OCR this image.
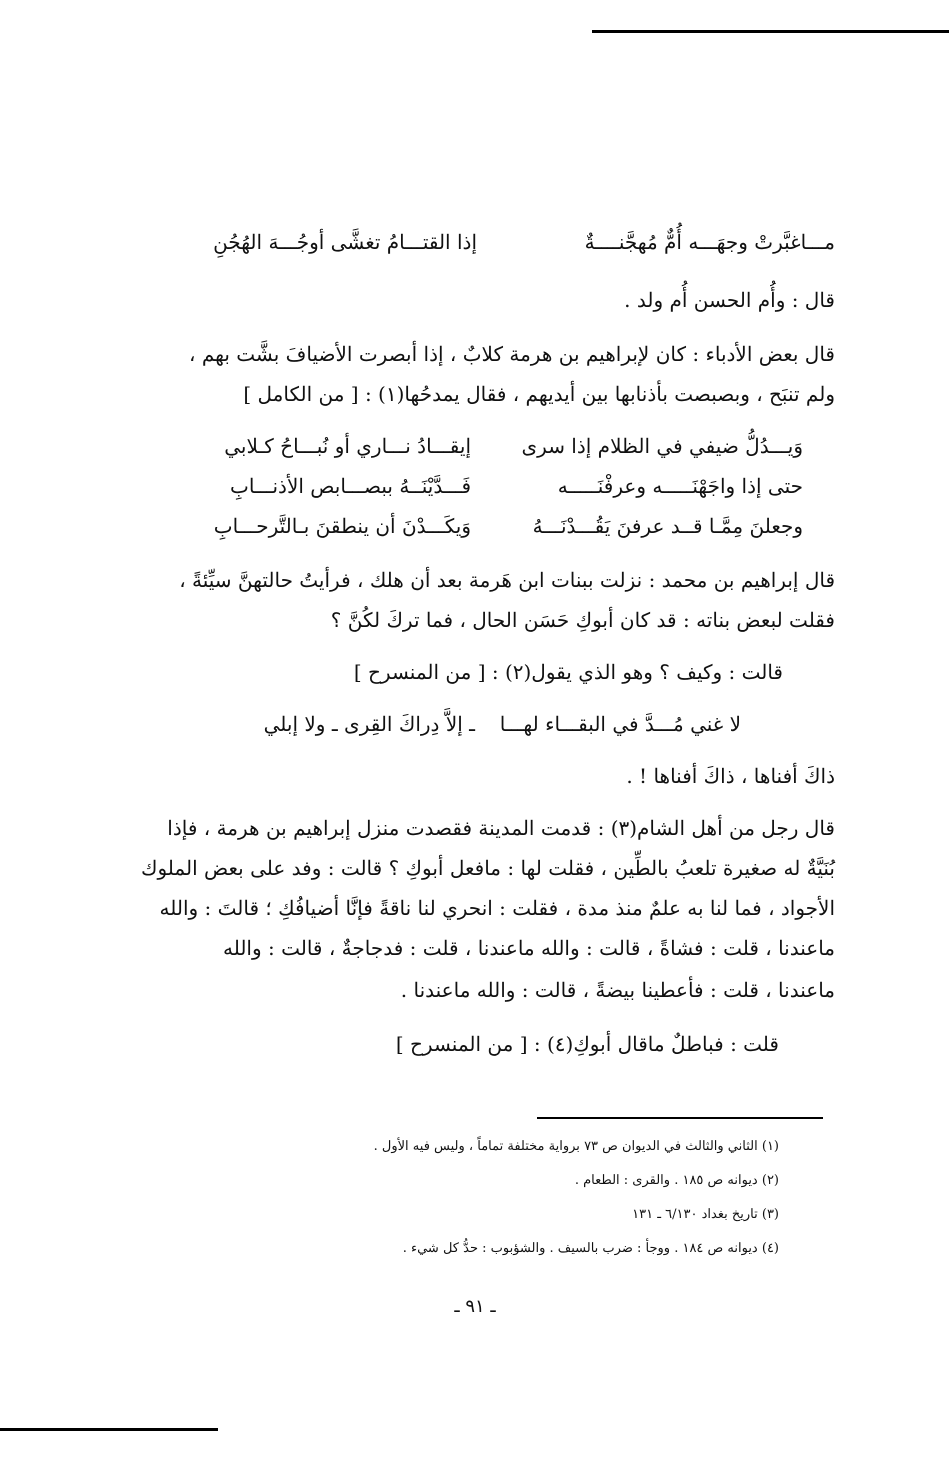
مـــاغبَّرتْ وجهَـــه أُمٌّ مُهجَّنــــةٌ
إذا القتـــامُ تغشَّى أوجُـــهَ الهُجُنِ
قال : وأُم الحسن أُم ولد .
قال بعض الأدباء : كان لإبراهيم بن هرمة كلابٌ ، إذا أبصرت الأضيافَ بشَّت بهم ،
ولم تنبَح ، وبصبصت بأذنابها بين أيديهم ، فقال يمدحُها(١) : [ من الكامل ]
وَيـــدُلُّ ضيفي في الظلام إذا سرى
إيقـــادُ نـــاري أو نُبـــاحُ كـلابي
حتى إذا واجَهْنَـــــه وعرفْنَـــــه
فَـــدَّيْنَــهُ ببصـــابص الأذنـــابِ
وجعلنَ مِمَّـا قــد عرفنَ يَقُـــدْنَـــهُ
وَيكَـــدْنَ أن ينطقنَ بـالتَّرحـــابِ
قال إبراهيم بن محمد : نزلت ببنات ابن هَرمة بعد أن هلك ، فرأيتُ حالتهنَّ سيِّئةً ،
فقلت لبعض بناته : قد كان أبوكِ حَسَن الحال ، فما تركَ لكُنَّ ؟
قالت : وكيف ؟ وهو الذي يقول(٢) : [ من المنسرح ]
لا غني مُـــدَّ في البقـــاء لهـــا
ـ إلاَّ دِراكَ القِرى ـ ولا إبلي
ذاكَ أفناها ، ذاكَ أفناها ! .
قال رجل من أهل الشام(٣) : قدمت المدينة فقصدت منزل إبراهيم بن هرمة ، فإذا
بُنَيَّةٌ له صغيرة تلعبُ بالطِّين ، فقلت لها : مافعل أبوكِ ؟ قالت : وفد على بعض الملوك
الأجواد ، فما لنا به علمٌ منذ مدة ، فقلت : انحري لنا ناقةً فإنَّا أضيافُكِ ؛ قالتَ : والله
ماعندنا ، قلت : فشاةً ، قالت : والله ماعندنا ، قلت : فدجاجةٌ ، قالت : والله
ماعندنا ، قلت : فأعطينا بيضةً ، قالت : والله ماعندنا .
قلت : فباطلٌ ماقال أبوكِ(٤) : [ من المنسرح ]
(١) الثاني والثالث في الديوان ص ٧٣ برواية مختلفة تماماً ، وليس فيه الأول .
(٢) ديوانه ص ١٨٥ . والقرى : الطعام .
(٣) تاريخ بغداد ٦/١٣٠ ـ ١٣١
(٤) ديوانه ص ١٨٤ . ووجأ : ضرب بالسيف . والشؤبوب : حدُّ كل شيء .
ـ ٩١ ـ
